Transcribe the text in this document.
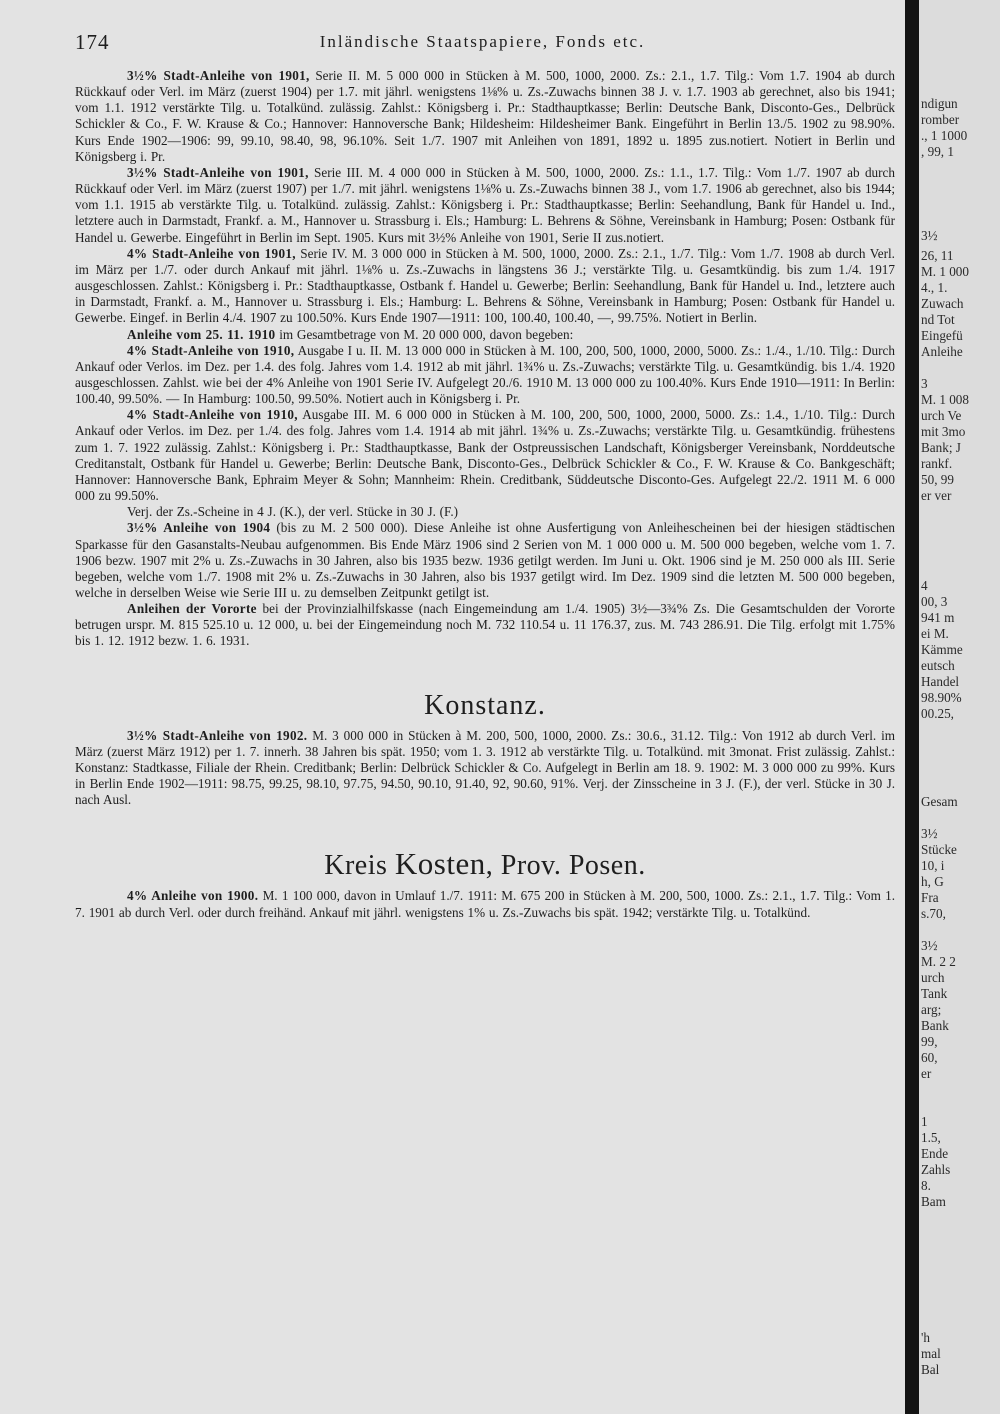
174	Inländische Staatspapiere, Fonds etc.

3½% Stadt-Anleihe von 1901, Serie II. M. 5 000 000 in Stücken à M. 500, 1000, 2000. Zs.: 2.1., 1.7. Tilg.: Vom 1.7. 1904 ab durch Rückkauf oder Verl. im März (zuerst 1904) per 1.7. mit jährl. wenigstens 1⅛% u. Zs.-Zuwachs binnen 38 J. v. 1.7. 1903 ab gerechnet, also bis 1941; vom 1.1. 1912 verstärkte Tilg. u. Totalkünd. zulässig. Zahlst.: Königsberg i. Pr.: Stadthauptkasse; Berlin: Deutsche Bank, Disconto-Ges., Delbrück Schickler & Co., F. W. Krause & Co.; Hannover: Hannoversche Bank; Hildesheim: Hildesheimer Bank. Eingeführt in Berlin 13./5. 1902 zu 98.90%. Kurs Ende 1902—1906: 99, 99.10, 98.40, 98, 96.10%. Seit 1./7. 1907 mit Anleihen von 1891, 1892 u. 1895 zus.notiert. Notiert in Berlin und Königsberg i. Pr.

3½% Stadt-Anleihe von 1901, Serie III. M. 4 000 000 in Stücken à M. 500, 1000, 2000. Zs.: 1.1., 1.7. Tilg.: Vom 1./7. 1907 ab durch Rückkauf oder Verl. im März (zuerst 1907) per 1./7. mit jährl. wenigstens 1⅛% u. Zs.-Zuwachs binnen 38 J., vom 1.7. 1906 ab gerechnet, also bis 1944; vom 1.1. 1915 ab verstärkte Tilg. u. Totalkünd. zulässig. Zahlst.: Königsberg i. Pr.: Stadthauptkasse; Berlin: Seehandlung, Bank für Handel u. Ind., letztere auch in Darmstadt, Frankf. a. M., Hannover u. Strassburg i. Els.; Hamburg: L. Behrens & Söhne, Vereinsbank in Hamburg; Posen: Ostbank für Handel u. Gewerbe. Eingeführt in Berlin im Sept. 1905. Kurs mit 3½% Anleihe von 1901, Serie II zus.notiert.

4% Stadt-Anleihe von 1901, Serie IV. M. 3 000 000 in Stücken à M. 500, 1000, 2000. Zs.: 2.1., 1./7. Tilg.: Vom 1./7. 1908 ab durch Verl. im März per 1./7. oder durch Ankauf mit jährl. 1⅛% u. Zs.-Zuwachs in längstens 36 J.; verstärkte Tilg. u. Gesamtkündig. bis zum 1./4. 1917 ausgeschlossen. Zahlst.: Königsberg i. Pr.: Stadthauptkasse, Ostbank f. Handel u. Gewerbe; Berlin: Seehandlung, Bank für Handel u. Ind., letztere auch in Darmstadt, Frankf. a. M., Hannover u. Strassburg i. Els.; Hamburg: L. Behrens & Söhne, Vereinsbank in Hamburg; Posen: Ostbank für Handel u. Gewerbe. Eingef. in Berlin 4./4. 1907 zu 100.50%. Kurs Ende 1907—1911: 100, 100.40, 100.40, —, 99.75%. Notiert in Berlin.

Anleihe vom 25. 11. 1910 im Gesamtbetrage von M. 20 000 000, davon begeben:

4% Stadt-Anleihe von 1910, Ausgabe I u. II. M. 13 000 000 in Stücken à M. 100, 200, 500, 1000, 2000, 5000. Zs.: 1./4., 1./10. Tilg.: Durch Ankauf oder Verlos. im Dez. per 1.4. des folg. Jahres vom 1.4. 1912 ab mit jährl. 1¾% u. Zs.-Zuwachs; verstärkte Tilg. u. Gesamtkündig. bis 1./4. 1920 ausgeschlossen. Zahlst. wie bei der 4% Anleihe von 1901 Serie IV. Aufgelegt 20./6. 1910 M. 13 000 000 zu 100.40%. Kurs Ende 1910—1911: In Berlin: 100.40, 99.50%. — In Hamburg: 100.50, 99.50%. Notiert auch in Königsberg i. Pr.

4% Stadt-Anleihe von 1910, Ausgabe III. M. 6 000 000 in Stücken à M. 100, 200, 500, 1000, 2000, 5000. Zs.: 1.4., 1./10. Tilg.: Durch Ankauf oder Verlos. im Dez. per 1./4. des folg. Jahres vom 1.4. 1914 ab mit jährl. 1¾% u. Zs.-Zuwachs; verstärkte Tilg. u. Gesamtkündig. frühestens zum 1. 7. 1922 zulässig. Zahlst.: Königsberg i. Pr.: Stadthauptkasse, Bank der Ostpreussischen Landschaft, Königsberger Vereinsbank, Norddeutsche Creditanstalt, Ostbank für Handel u. Gewerbe; Berlin: Deutsche Bank, Disconto-Ges., Delbrück Schickler & Co., F. W. Krause & Co. Bankgeschäft; Hannover: Hannoversche Bank, Ephraim Meyer & Sohn; Mannheim: Rhein. Creditbank, Süddeutsche Disconto-Ges. Aufgelegt 22./2. 1911 M. 6 000 000 zu 99.50%.

Verj. der Zs.-Scheine in 4 J. (K.), der verl. Stücke in 30 J. (F.)

3½% Anleihe von 1904 (bis zu M. 2 500 000). Diese Anleihe ist ohne Ausfertigung von Anleihescheinen bei der hiesigen städtischen Sparkasse für den Gasanstalts-Neubau aufgenommen. Bis Ende März 1906 sind 2 Serien von M. 1 000 000 u. M. 500 000 begeben, welche vom 1. 7. 1906 bezw. 1907 mit 2% u. Zs.-Zuwachs in 30 Jahren, also bis 1935 bezw. 1936 getilgt werden. Im Juni u. Okt. 1906 sind je M. 250 000 als III. Serie begeben, welche vom 1./7. 1908 mit 2% u. Zs.-Zuwachs in 30 Jahren, also bis 1937 getilgt wird. Im Dez. 1909 sind die letzten M. 500 000 begeben, welche in derselben Weise wie Serie III u. zu demselben Zeitpunkt getilgt ist.

Anleihen der Vororte bei der Provinzialhilfskasse (nach Eingemeindung am 1./4. 1905) 3½—3¾% Zs. Die Gesamtschulden der Vororte betrugen urspr. M. 815 525.10 u. 12 000, u. bei der Eingemeindung noch M. 732 110.54 u. 11 176.37, zus. M. 743 286.91. Die Tilg. erfolgt mit 1.75% bis 1. 12. 1912 bezw. 1. 6. 1931.

Konstanz.

3½% Stadt-Anleihe von 1902. M. 3 000 000 in Stücken à M. 200, 500, 1000, 2000. Zs.: 30.6., 31.12. Tilg.: Von 1912 ab durch Verl. im März (zuerst März 1912) per 1. 7. innerh. 38 Jahren bis spät. 1950; vom 1. 3. 1912 ab verstärkte Tilg. u. Totalkünd. mit 3monat. Frist zulässig. Zahlst.: Konstanz: Stadtkasse, Filiale der Rhein. Creditbank; Berlin: Delbrück Schickler & Co. Aufgelegt in Berlin am 18. 9. 1902: M. 3 000 000 zu 99%. Kurs in Berlin Ende 1902—1911: 98.75, 99.25, 98.10, 97.75, 94.50, 90.10, 91.40, 92, 90.60, 91%. Verj. der Zinsscheine in 3 J. (F.), der verl. Stücke in 30 J. nach Ausl.

Kreis Kosten, Prov. Posen.

4% Anleihe von 1900. M. 1 100 000, davon in Umlauf 1./7. 1911: M. 675 200 in Stücken à M. 200, 500, 1000. Zs.: 2.1., 1.7. Tilg.: Vom 1. 7. 1901 ab durch Verl. oder durch freihänd. Ankauf mit jährl. wenigstens 1% u. Zs.-Zuwachs bis spät. 1942; verstärkte Tilg. u. Totalkünd.

ndigun
romber
., 1 1000
, 99, 1
3½
26, 11
M. 1 000
4., 1.
Zuwach
nd Tot
Eingefü
Anleihe
3
M. 1 008
urch Ve
mit 3mo
Bank; J
rankf.
50, 99
er ver
4
00, 3
941 m
ei M.
Kämme
eutsch
Handel
98.90%
00.25,
Gesam
3½
Stücke
10, i
h, G
Fra
s.70,
3½
M. 2 2
urch
Tank
arg;
Bank
99,
60,
er
1
1.5,
Ende
Zahls
8.
Bam
'h
mal
Bal
